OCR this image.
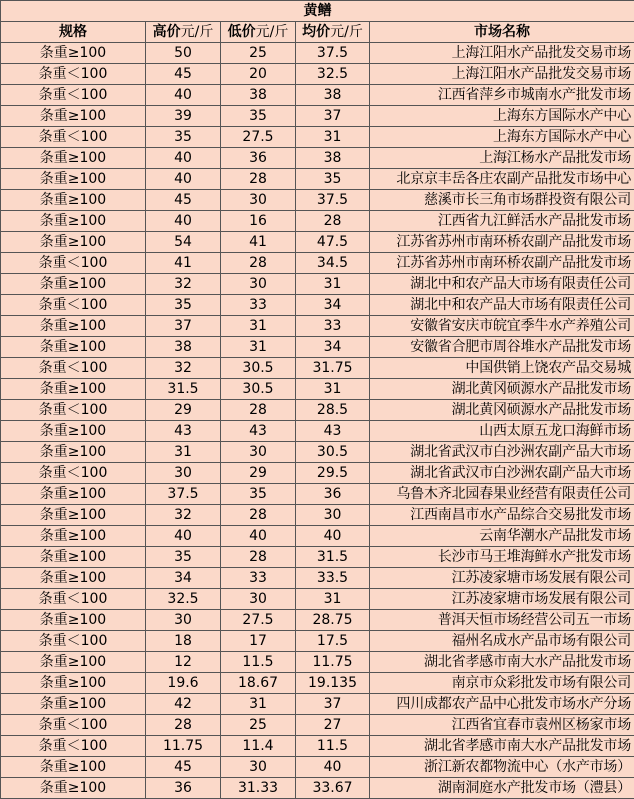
黄鳝				
规格	高价元/斤	低价元/斤	均价元/斤	市场名称
条重≥100	50	25	37.5	上海江阳水产品批发交易市场
条重＜100	45	20	32.5	上海江阳水产品批发交易市场
条重＜100	40	38	38	江西省萍乡市城南水产批发市场
条重≥100	39	35	37	上海东方国际水产中心
条重＜100	35	27.5	31	上海东方国际水产中心
条重≥100	40	36	38	上海江杨水产品批发市场
条重≥100	40	28	35	北京京丰岳各庄农副产品批发市场中心
条重≥100	45	30	37.5	慈溪市长三角市场群投资有限公司
条重≥100	40	16	28	江西省九江鲜活水产品批发市场
条重≥100	54	41	47.5	江苏省苏州市南环桥农副产品批发市场
条重＜100	41	28	34.5	江苏省苏州市南环桥农副产品批发市场
条重≥100	32	30	31	湖北中和农产品大市场有限责任公司
条重＜100	35	33	34	湖北中和农产品大市场有限责任公司
条重≥100	37	31	33	安徽省安庆市皖宜季牛水产养殖公司
条重≥100	38	31	34	安徽省合肥市周谷堆水产品批发市场
条重＜100	32	30.5	31.75	中国供销上饶农产品交易城
条重≥100	31.5	30.5	31	湖北黄冈硕源水产品批发市场
条重＜100	29	28	28.5	湖北黄冈硕源水产品批发市场
条重≥100	43	43	43	山西太原五龙口海鲜市场
条重≥100	31	30	30.5	湖北省武汉市白沙洲农副产品大市场
条重＜100	30	29	29.5	湖北省武汉市白沙洲农副产品大市场
条重≥100	37.5	35	36	乌鲁木齐北园春果业经营有限责任公司
条重≥100	32	28	30	江西南昌市水产品综合交易批发市场
条重≥100	40	40	40	云南华潮水产品批发市场
条重≥100	35	28	31.5	长沙市马王堆海鲜水产批发市场
条重≥100	34	33	33.5	江苏凌家塘市场发展有限公司
条重＜100	32.5	30	31	江苏凌家塘市场发展有限公司
条重≥100	30	27.5	28.75	普洱天恒市场经营公司五一市场
条重＜100	18	17	17.5	福州名成水产品市场有限公司
条重≥100	12	11.5	11.75	湖北省孝感市南大水产品批发市场
条重≥100	19.6	18.67	19.135	南京市众彩批发市场有限公司
条重≥100	42	31	37	四川成都农产品中心批发市场水产分场
条重＜100	28	25	27	江西省宜春市袁州区杨家市场
条重＜100	11.75	11.4	11.5	湖北省孝感市南大水产品批发市场
条重≥100	45	30	40	浙江新农都物流中心（水产市场）
条重≥100	36	31.33	33.67	湖南洞庭水产批发市场（澧县）
